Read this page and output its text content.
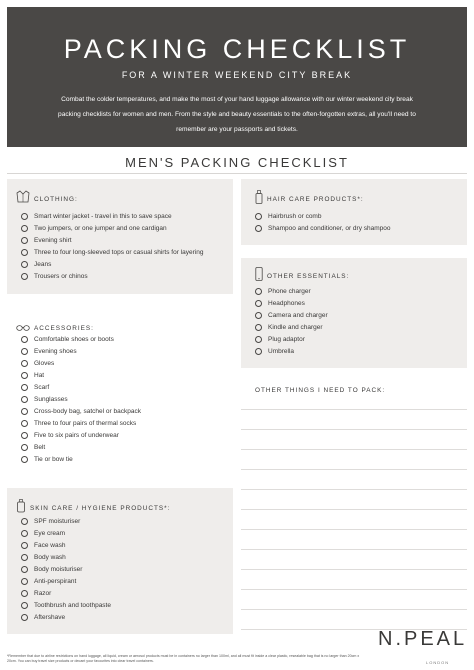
PACKING CHECKLIST
FOR A WINTER WEEKEND CITY BREAK
Combat the colder temperatures, and make the most of your hand luggage allowance with our winter weekend city break packing checklists for women and men. From the style and beauty essentials to the often-forgotten extras, all you'll need to remember are your passports and tickets.
MEN'S PACKING CHECKLIST
CLOTHING:
Smart winter jacket - travel in this to save space
Two jumpers, or one jumper and one cardigan
Evening shirt
Three to four long-sleeved tops or casual shirts for layering
Jeans
Trousers or chinos
ACCESSORIES:
Comfortable shoes or boots
Evening shoes
Gloves
Hat
Scarf
Sunglasses
Cross-body bag, satchel or backpack
Three to four pairs of thermal socks
Five to six pairs of underwear
Belt
Tie or bow tie
SKIN CARE / HYGIENE PRODUCTS*:
SPF moisturiser
Eye cream
Face wash
Body wash
Body moisturiser
Anti-perspirant
Razor
Toothbrush and toothpaste
Aftershave
HAIR CARE PRODUCTS*:
Hairbrush or comb
Shampoo and conditioner, or dry shampoo
OTHER ESSENTIALS:
Phone charger
Headphones
Camera and charger
Kindle and charger
Plug adaptor
Umbrella
OTHER THINGS I NEED TO PACK:
*Remember that due to airline restrictions on hand luggage, all liquid, cream or aerosol products must be in containers no larger than 100ml, and all must fit inside a clear plastic, resealable bag that is no larger than 20cm x 20cm. You can buy travel size products or decant your favourites into clear travel containers.
N.PEAL
LONDON
